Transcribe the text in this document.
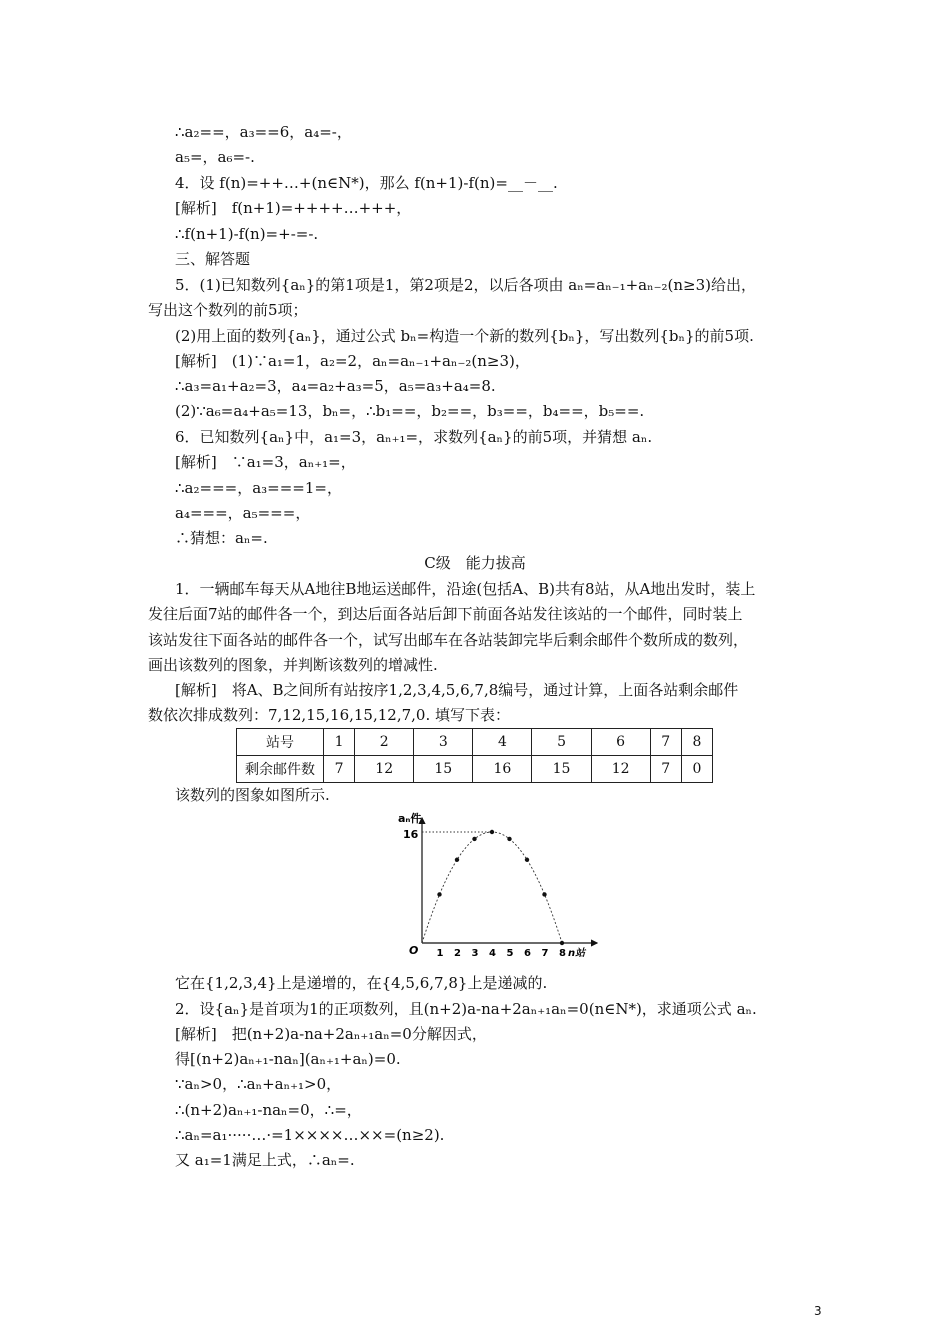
∴a₂==，a₃==6，a₄=-，
a₅=，a₆=-.
4．设 f(n)=++…+(n∈N*)，那么 f(n+1)-f(n)=__－__.
[解析]　f(n+1)=++++…+++，
∴f(n+1)-f(n)=+-=-.
三、解答题
5．(1)已知数列{aₙ}的第1项是1，第2项是2，以后各项由 aₙ=aₙ₋₁+aₙ₋₂(n≥3)给出，
写出这个数列的前5项；
(2)用上面的数列{aₙ}，通过公式 bₙ=构造一个新的数列{bₙ}，写出数列{bₙ}的前5项.
[解析]　(1)∵a₁=1，a₂=2，aₙ=aₙ₋₁+aₙ₋₂(n≥3)，
∴a₃=a₁+a₂=3，a₄=a₂+a₃=5，a₅=a₃+a₄=8.
(2)∵a₆=a₄+a₅=13，bₙ=，∴b₁==，b₂==，b₃==，b₄==，b₅==.
6．已知数列{aₙ}中，a₁=3，aₙ₊₁=，求数列{aₙ}的前5项，并猜想 aₙ.
[解析]　∵a₁=3，aₙ₊₁=，
∴a₂===，a₃===1=，
a₄===，a₅===，
∴猜想：aₙ=.
1．一辆邮车每天从A地往B地运送邮件，沿途(包括A、B)共有8站，从A地出发时，装上
发往后面7站的邮件各一个，到达后面各站后卸下前面各站发往该站的一个邮件，同时装上
该站发往下面各站的邮件各一个，试写出邮车在各站装卸完毕后剩余邮件个数所成的数列，
画出该数列的图象，并判断该数列的增减性.
[解析]　将A、B之间所有站按序1,2,3,4,5,6,7,8编号，通过计算，上面各站剩余邮件
数依次排成数列：7,12,15,16,15,12,7,0. 填写下表：
该数列的图象如图所示.
它在{1,2,3,4}上是递增的，在{4,5,6,7,8}上是递减的.
2．设{aₙ}是首项为1的正项数列，且(n+2)a-na+2aₙ₊₁aₙ=0(n∈N*)，求通项公式 aₙ.
[解析]　把(n+2)a-na+2aₙ₊₁aₙ=0分解因式，
得[(n+2)aₙ₊₁-naₙ](aₙ₊₁+aₙ)=0.
∵aₙ>0，∴aₙ+aₙ₊₁>0，
∴(n+2)aₙ₊₁-naₙ=0，∴=，
∴aₙ=a₁·····…·=1××××…××=(n≥2).
又 a₁=1满足上式，∴aₙ=.
C级　能力拔高
站号	1	2	3	4	5	6	7	8
剩余邮件数	7	12	15	16	15	12	7	0
1 2 3 4 5 6 7 8
aₙ件
n站
O
16
3
